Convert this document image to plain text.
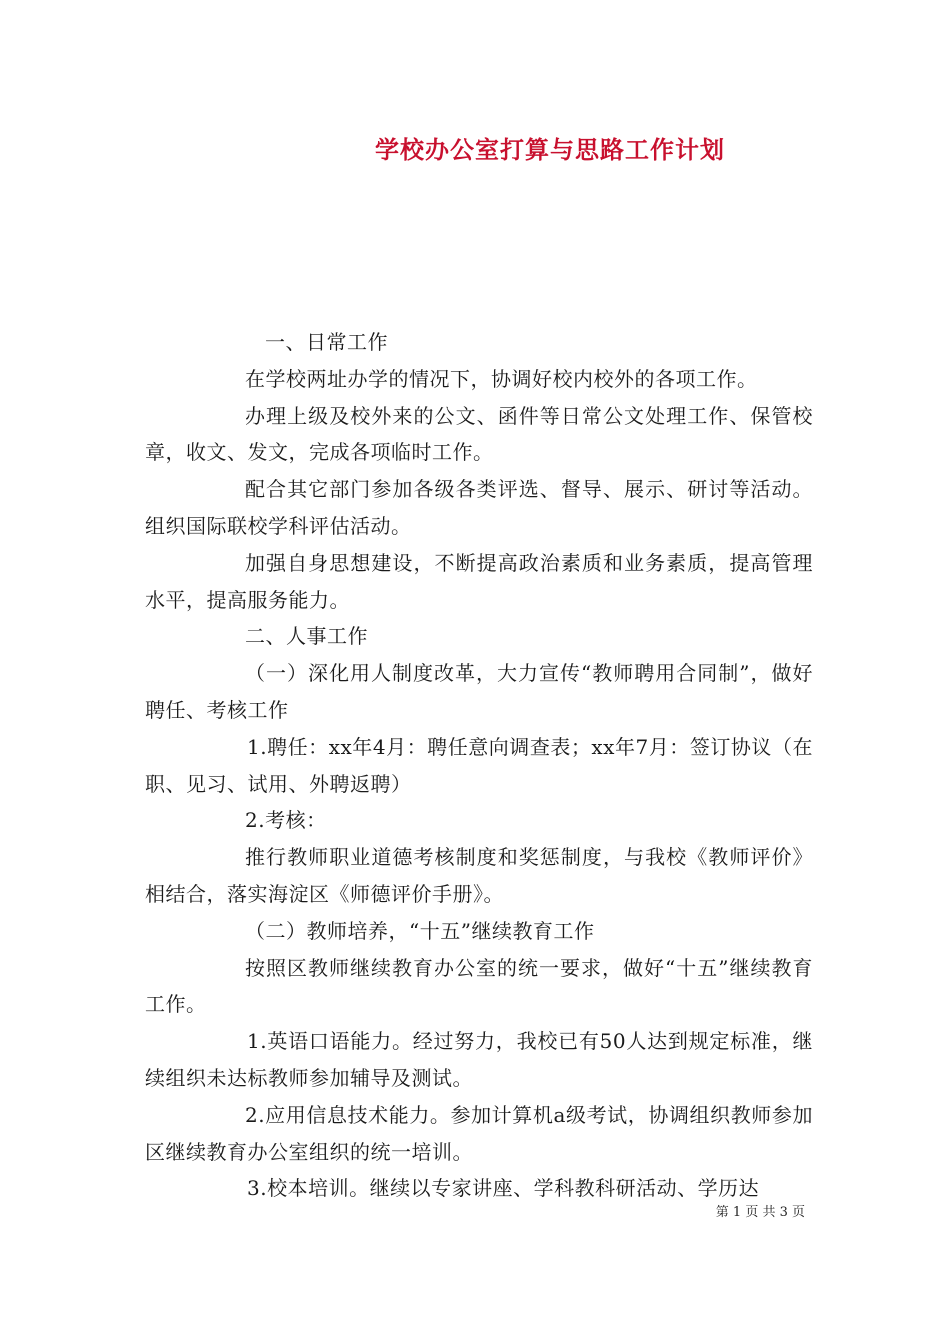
学校办公室打算与思路工作计划

一、日常工作

在学校两址办学的情况下，协调好校内校外的各项工作。

办理上级及校外来的公文、函件等日常公文处理工作、保管校章，收文、发文，完成各项临时工作。

配合其它部门参加各级各类评选、督导、展示、研讨等活动。组织国际联校学科评估活动。

加强自身思想建设，不断提高政治素质和业务素质，提高管理水平，提高服务能力。

二、人事工作

（一）深化用人制度改革，大力宣传“教师聘用合同制”，做好聘任、考核工作

1.聘任：xx年4月：聘任意向调查表；xx年7月：签订协议（在职、见习、试用、外聘返聘）

2.考核：

推行教师职业道德考核制度和奖惩制度，与我校《教师评价》相结合，落实海淀区《师德评价手册》。

（二）教师培养，“十五”继续教育工作

按照区教师继续教育办公室的统一要求，做好“十五”继续教育工作。

1.英语口语能力。经过努力，我校已有50人达到规定标准，继续组织未达标教师参加辅导及测试。

2.应用信息技术能力。参加计算机a级考试，协调组织教师参加区继续教育办公室组织的统一培训。

3.校本培训。继续以专家讲座、学科教科研活动、学历达

第 1 页 共 3 页
